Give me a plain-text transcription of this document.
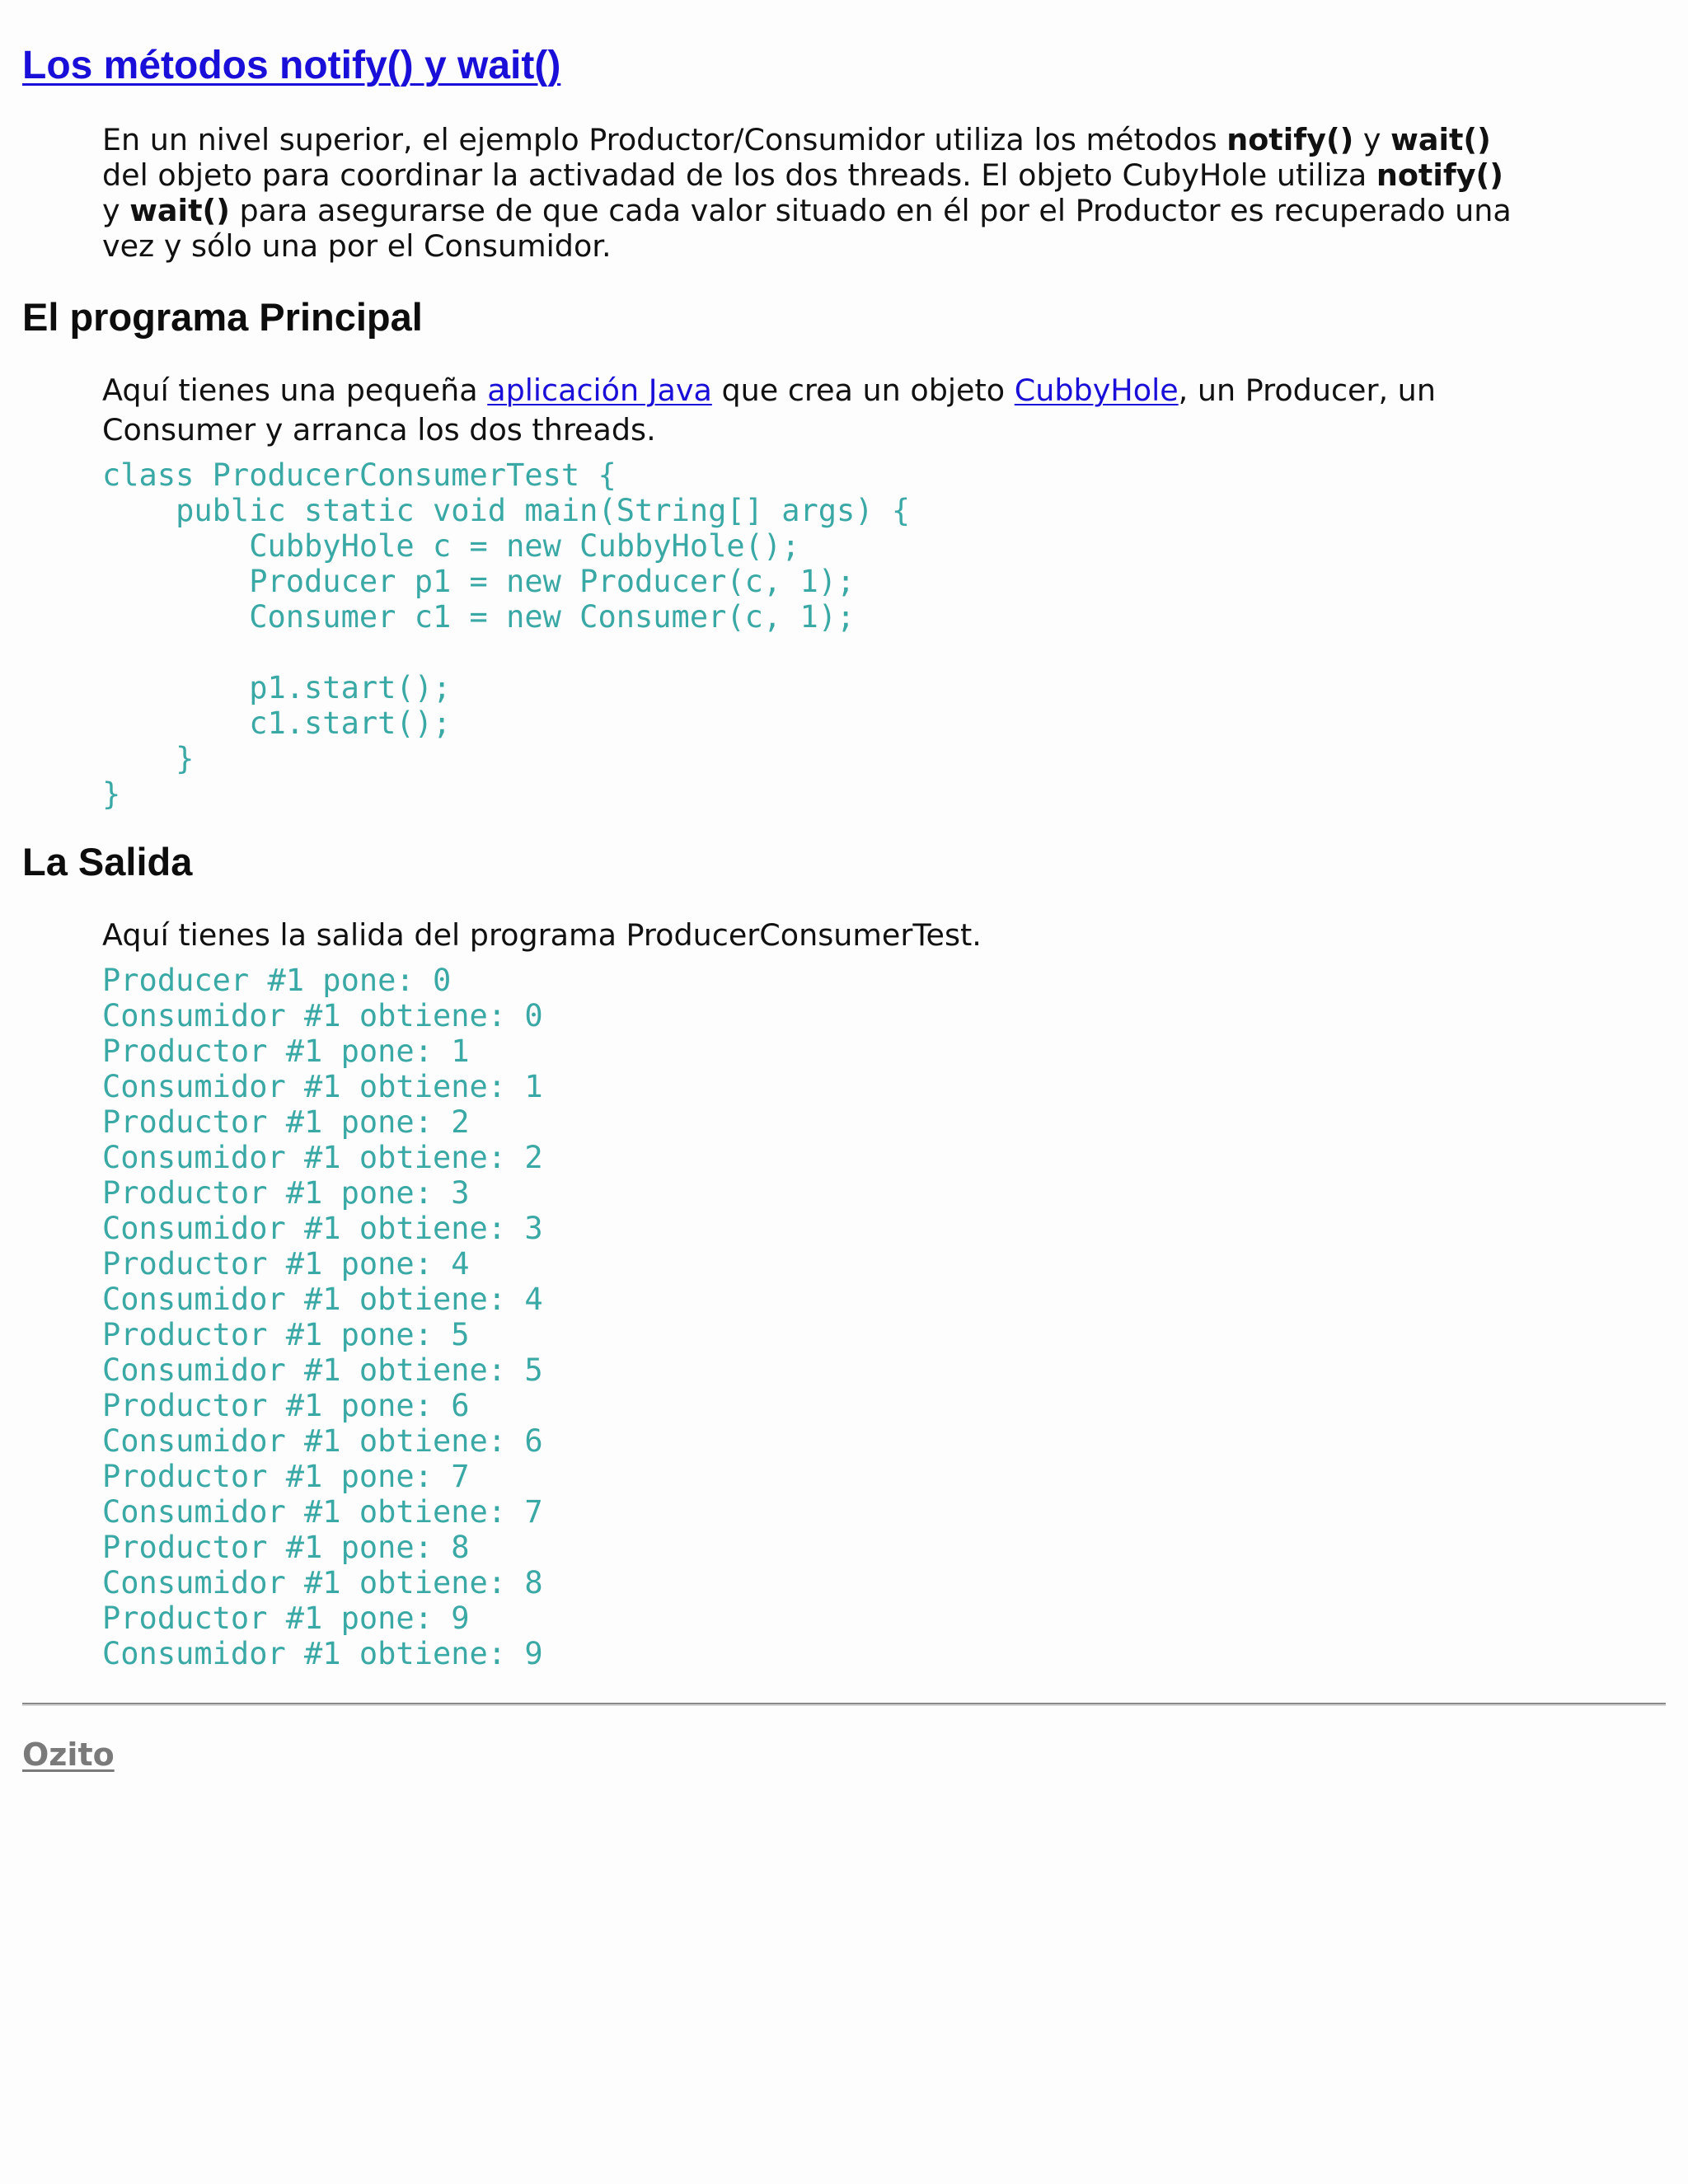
Los métodos notify() y wait()
En un nivel superior, el ejemplo Productor/Consumidor utiliza los métodos notify() y wait()
del objeto para coordinar la activadad de los dos threads. El objeto CubyHole utiliza notify()
y wait() para asegurarse de que cada valor situado en él por el Productor es recuperado una
vez y sólo una por el Consumidor.
El programa Principal
Aquí tienes una pequeña aplicación Java que crea un objeto CubbyHole, un Producer, un
Consumer y arranca los dos threads.
class ProducerConsumerTest {
public static void main(String[] args) {
CubbyHole c = new CubbyHole();
Producer p1 = new Producer(c, 1);
Consumer c1 = new Consumer(c, 1);

p1.start();
c1.start();
}
}
La Salida
Aquí tienes la salida del programa ProducerConsumerTest.
Producer #1 pone: 0
Consumidor #1 obtiene: 0
Productor #1 pone: 1
Consumidor #1 obtiene: 1
Productor #1 pone: 2
Consumidor #1 obtiene: 2
Productor #1 pone: 3
Consumidor #1 obtiene: 3
Productor #1 pone: 4
Consumidor #1 obtiene: 4
Productor #1 pone: 5
Consumidor #1 obtiene: 5
Productor #1 pone: 6
Consumidor #1 obtiene: 6
Productor #1 pone: 7
Consumidor #1 obtiene: 7
Productor #1 pone: 8
Consumidor #1 obtiene: 8
Productor #1 pone: 9
Consumidor #1 obtiene: 9
Ozito
